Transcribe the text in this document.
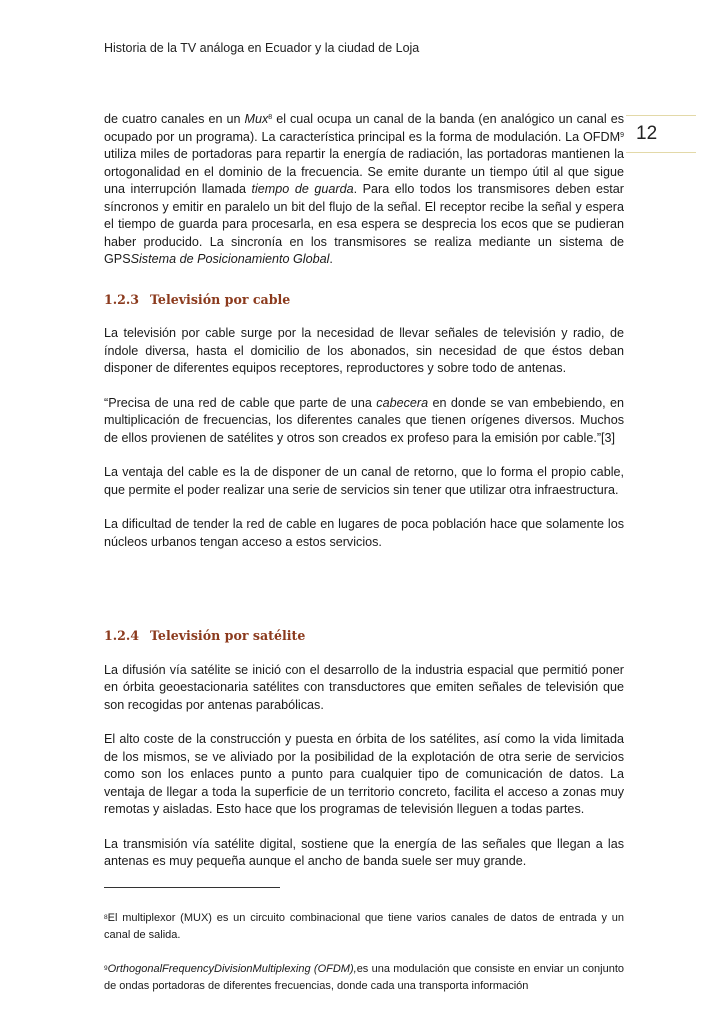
Historia de la TV análoga en Ecuador y la ciudad de Loja
12

de cuatro canales en un Mux$^8$ el cual ocupa un canal de la banda (en analógico un canal es ocupado por un programa). La característica principal es la forma de modulación. La OFDM$^9$ utiliza miles de portadoras para repartir la energía de radiación, las portadoras mantienen la ortogonalidad en el dominio de la frecuencia. Se emite durante un tiempo útil al que sigue una interrupción llamada tiempo de guarda. Para ello todos los transmisores deben estar síncronos y emitir en paralelo un bit del flujo de la señal. El receptor recibe la señal y espera el tiempo de guarda para procesarla, en esa espera se desprecia los ecos que se pudieran haber producido. La sincronía en los transmisores se realiza mediante un sistema de GPSSistema de Posicionamiento Global.

1.2.3 Televisión por cable

La televisión por cable surge por la necesidad de llevar señales de televisión y radio, de índole diversa, hasta el domicilio de los abonados, sin necesidad de que éstos deban disponer de diferentes equipos receptores, reproductores y sobre todo de antenas.

“Precisa de una red de cable que parte de una cabecera en donde se van embebiendo, en multiplicación de frecuencias, los diferentes canales que tienen orígenes diversos. Muchos de ellos provienen de satélites y otros son creados ex profeso para la emisión por cable.”[3]

La ventaja del cable es la de disponer de un canal de retorno, que lo forma el propio cable, que permite el poder realizar una serie de servicios sin tener que utilizar otra infraestructura.

La dificultad de tender la red de cable en lugares de poca población hace que solamente los núcleos urbanos tengan acceso a estos servicios.

1.2.4 Televisión por satélite

La difusión vía satélite se inició con el desarrollo de la industria espacial que permitió poner en órbita geoestacionaria satélites con transductores que emiten señales de televisión que son recogidas por antenas parabólicas.

El alto coste de la construcción y puesta en órbita de los satélites, así como la vida limitada de los mismos, se ve aliviado por la posibilidad de la explotación de otra serie de servicios como son los enlaces punto a punto para cualquier tipo de comunicación de datos. La ventaja de llegar a toda la superficie de un territorio concreto, facilita el acceso a zonas muy remotas y aisladas. Esto hace que los programas de televisión lleguen a todas partes.

La transmisión vía satélite digital, sostiene que la energía de las señales que llegan a las antenas es muy pequeña aunque el ancho de banda suele ser muy grande.

$^8$El multiplexor (MUX) es un circuito combinacional que tiene varios canales de datos de entrada y un canal de salida.

$^9$OrthogonalFrequencyDivisionMultiplexing (OFDM),es una modulación que consiste en enviar un conjunto de ondas portadoras de diferentes frecuencias, donde cada una transporta información
